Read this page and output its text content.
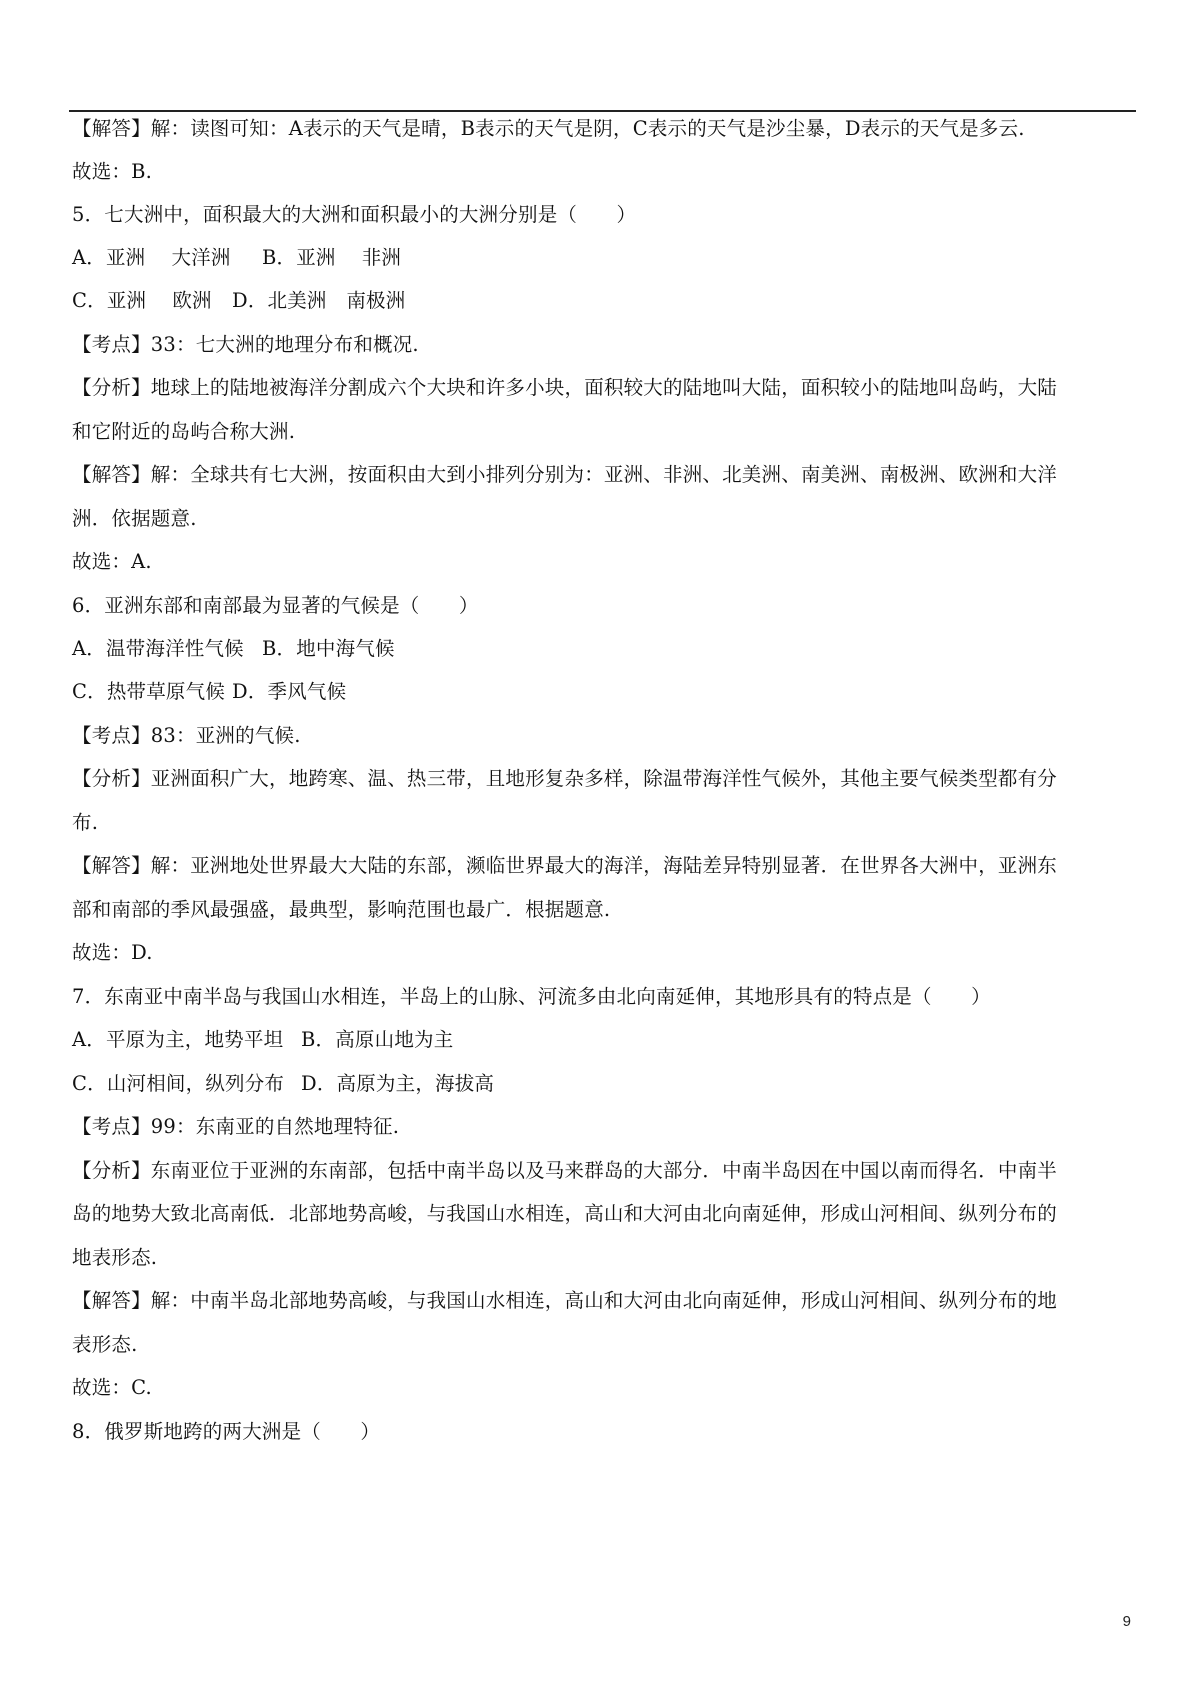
【解答】解：读图可知：A表示的天气是晴，B表示的天气是阴，C表示的天气是沙尘暴，D表示的天气是多云.
故选：B.
5．七大洲中，面积最大的大洲和面积最小的大洲分别是（　　）
A．亚洲　 大洋洲 B．亚洲　 非洲
C．亚洲　 欧洲 D．北美洲　南极洲
【考点】33：七大洲的地理分布和概况.
【分析】地球上的陆地被海洋分割成六个大块和许多小块，面积较大的陆地叫大陆，面积较小的陆地叫岛屿，大陆
和它附近的岛屿合称大洲.
【解答】解：全球共有七大洲，按面积由大到小排列分别为：亚洲、非洲、北美洲、南美洲、南极洲、欧洲和大洋
洲．依据题意.
故选：A.
6．亚洲东部和南部最为显著的气候是（　　）
A．温带海洋性气候 B．地中海气候
C．热带草原气候 D．季风气候
【考点】83：亚洲的气候.
【分析】亚洲面积广大，地跨寒、温、热三带，且地形复杂多样，除温带海洋性气候外，其他主要气候类型都有分
布.
【解答】解：亚洲地处世界最大大陆的东部，濒临世界最大的海洋，海陆差异特别显著．在世界各大洲中，亚洲东
部和南部的季风最强盛，最典型，影响范围也最广．根据题意.
故选：D.
7．东南亚中南半岛与我国山水相连，半岛上的山脉、河流多由北向南延伸，其地形具有的特点是（　　）
A．平原为主，地势平坦 B．高原山地为主
C．山河相间，纵列分布 D．高原为主，海拔高
【考点】99：东南亚的自然地理特征.
【分析】东南亚位于亚洲的东南部，包括中南半岛以及马来群岛的大部分．中南半岛因在中国以南而得名．中南半
岛的地势大致北高南低．北部地势高峻，与我国山水相连，高山和大河由北向南延伸，形成山河相间、纵列分布的
地表形态.
【解答】解：中南半岛北部地势高峻，与我国山水相连，高山和大河由北向南延伸，形成山河相间、纵列分布的地
表形态.
故选：C.
8．俄罗斯地跨的两大洲是（　　）
9
